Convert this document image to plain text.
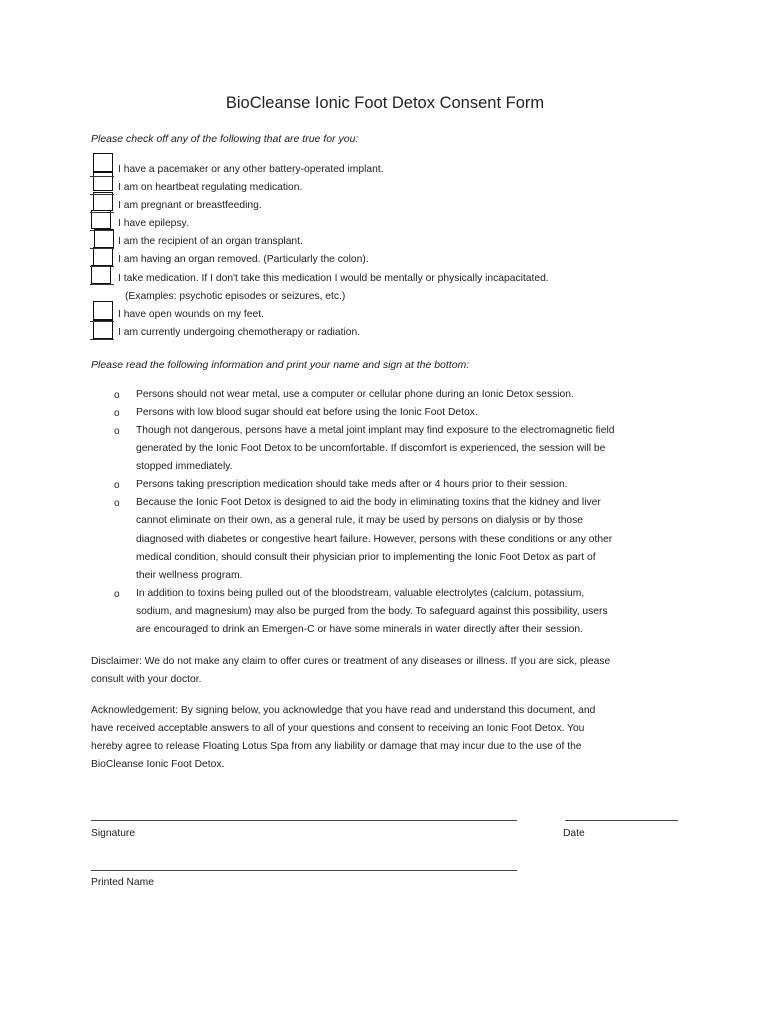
BioCleanse Ionic Foot Detox Consent Form
Please check off any of the following that are true for you:
I have a pacemaker or any other battery-operated implant.
I am on heartbeat regulating medication.
I am pregnant or breastfeeding.
I have epilepsy.
I am the recipient of an organ transplant.
I am having an organ removed. (Particularly the colon).
I take medication. If I don't take this medication I would be mentally or physically incapacitated.
(Examples: psychotic episodes or seizures, etc.)
I have open wounds on my feet.
I am currently undergoing chemotherapy or radiation.
Please read the following information and print your name and sign at the bottom:
o
o
o
o
o
o
Persons should not wear metal, use a computer or cellular phone during an Ionic Detox session.
Persons with low blood sugar should eat before using the Ionic Foot Detox.
Though not dangerous, persons have a metal joint implant may find exposure to the electromagnetic field
generated by the Ionic Foot Detox to be uncomfortable. If discomfort is experienced, the session will be
stopped immediately.
Persons taking prescription medication should take meds after or 4 hours prior to their session.
Because the Ionic Foot Detox is designed to aid the body in eliminating toxins that the kidney and liver
cannot eliminate on their own, as a general rule, it may be used by persons on dialysis or by those
diagnosed with diabetes or congestive heart failure. However, persons with these conditions or any other
medical condition, should consult their physician prior to implementing the Ionic Foot Detox as part of
their wellness program.
In addition to toxins being pulled out of the bloodstream, valuable electrolytes (calcium, potassium,
sodium, and magnesium) may also be purged from the body. To safeguard against this possibility, users
are encouraged to drink an Emergen-C or have some minerals in water directly after their session.
Disclaimer: We do not make any claim to offer cures or treatment of any diseases or illness. If you are sick, please
consult with your doctor.
Acknowledgement: By signing below, you acknowledge that you have read and understand this document, and
have received acceptable answers to all of your questions and consent to receiving an Ionic Foot Detox. You
hereby agree to release Floating Lotus Spa from any liability or damage that may incur due to the use of the
BioCleanse Ionic Foot Detox.
Signature	Date
Printed Name
